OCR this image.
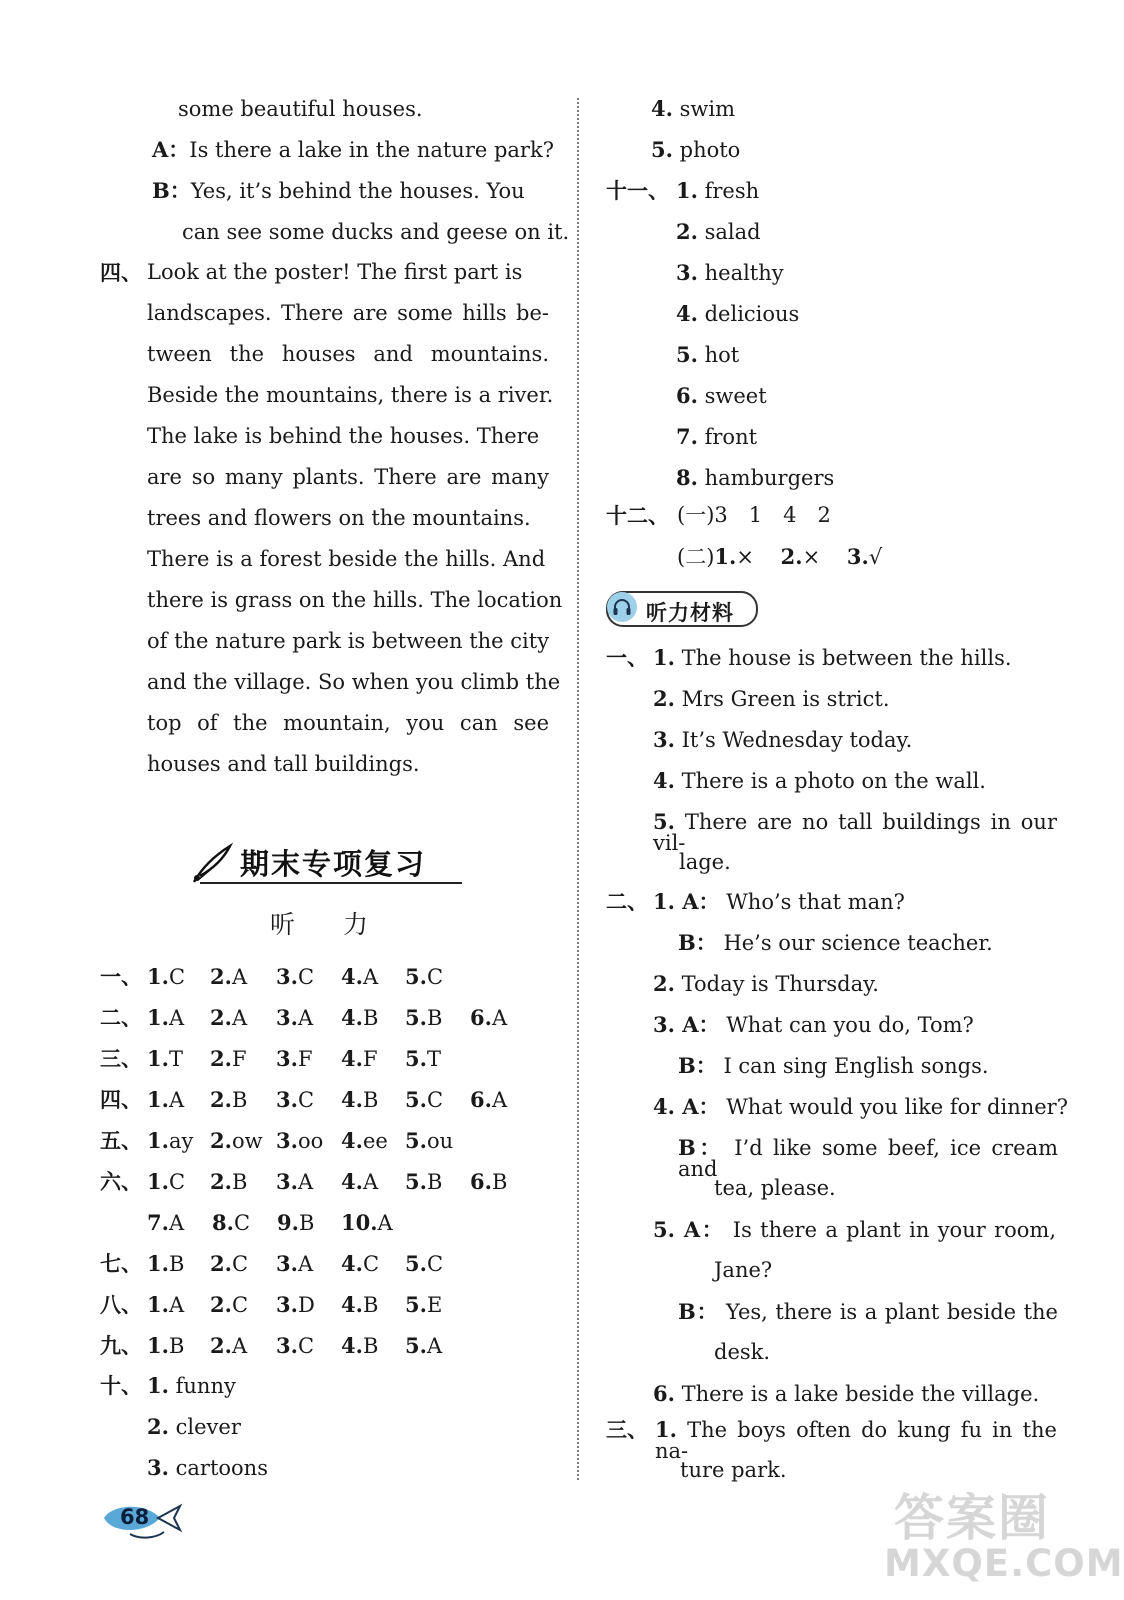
some beautiful houses.
A：Is there a lake in the nature park?
B：Yes, it’s behind the houses. You
can see some ducks and geese on it.
四、 Look at the poster! The first part is
landscapes. There are some hills be-
tween the houses and mountains.
Beside the mountains, there is a river.
The lake is behind the houses. There
are so many plants. There are many
trees and flowers on the mountains.
There is a forest beside the hills. And
there is grass on the hills. The location
of the nature park is between the city
and the village. So when you climb the
top of the mountain, you can see
houses and tall buildings.
期末专项复习
听力
一、 1.C 2.A 3.C 4.A 5.C
二、 1.A 2.A 3.A 4.B 5.B 6.A
三、 1.T 2.F 3.F 4.F 5.T
四、 1.A 2.B 3.C 4.B 5.C 6.A
五、 1.ay 2.ow 3.oo 4.ee 5.ou
六、 1.C 2.B 3.A 4.A 5.B 6.B
7.A 8.C 9.B 10.A
七、 1.B 2.C 3.A 4.C 5.C
八、 1.A 2.C 3.D 4.B 5.E
九、 1.B 2.A 3.C 4.B 5.A
十、 1. funny
2. clever
3. cartoons
4. swim
5. photo
十一、 1. fresh
2. salad
3. healthy
4. delicious
5. hot
6. sweet
7. front
8. hamburgers
十二、 (一)3　1　4　2
(二)1.× 2.× 3.√
听力材料
一、 1. The house is between the hills.
2. Mrs Green is strict.
3. It’s Wednesday today.
4. There is a photo on the wall.
5. There are no tall buildings in our vil-
lage.
二、 1. A： Who’s that man?
B： He’s our science teacher.
2. Today is Thursday.
3. A： What can you do, Tom?
B： I can sing English songs.
4. A： What would you like for dinner?
B： I’d like some beef, ice cream and
tea, please.
5. A： Is there a plant in your room,
Jane?
B： Yes, there is a plant beside the
desk.
6. There is a lake beside the village.
三、 1. The boys often do kung fu in the na-
ture park.
68	答案圈
MXQE.COM
